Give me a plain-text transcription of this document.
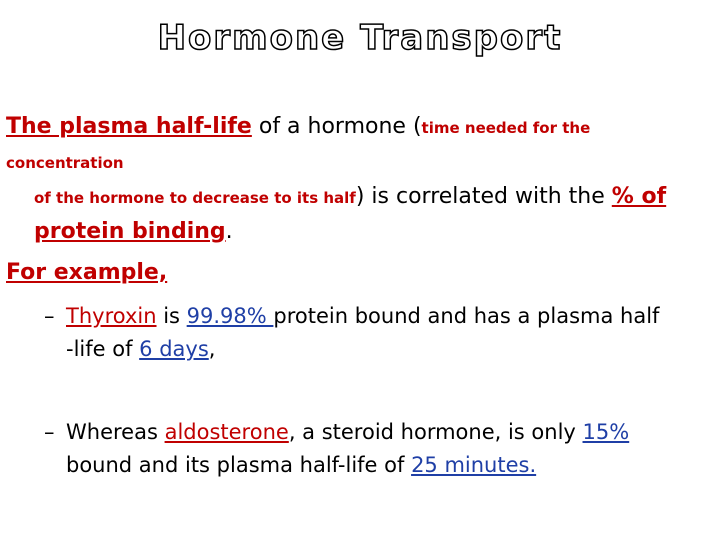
Hormone Transport
The plasma half-life of a hormone (time needed for the concentration
of the hormone to decrease to its half) is correlated with the % of
protein binding.
For example,
– Thyroxin is 99.98% protein bound and has a plasma half
-life of 6 days,
– Whereas aldosterone, a steroid hormone, is only 15%
bound and its plasma half-life of 25 minutes.
